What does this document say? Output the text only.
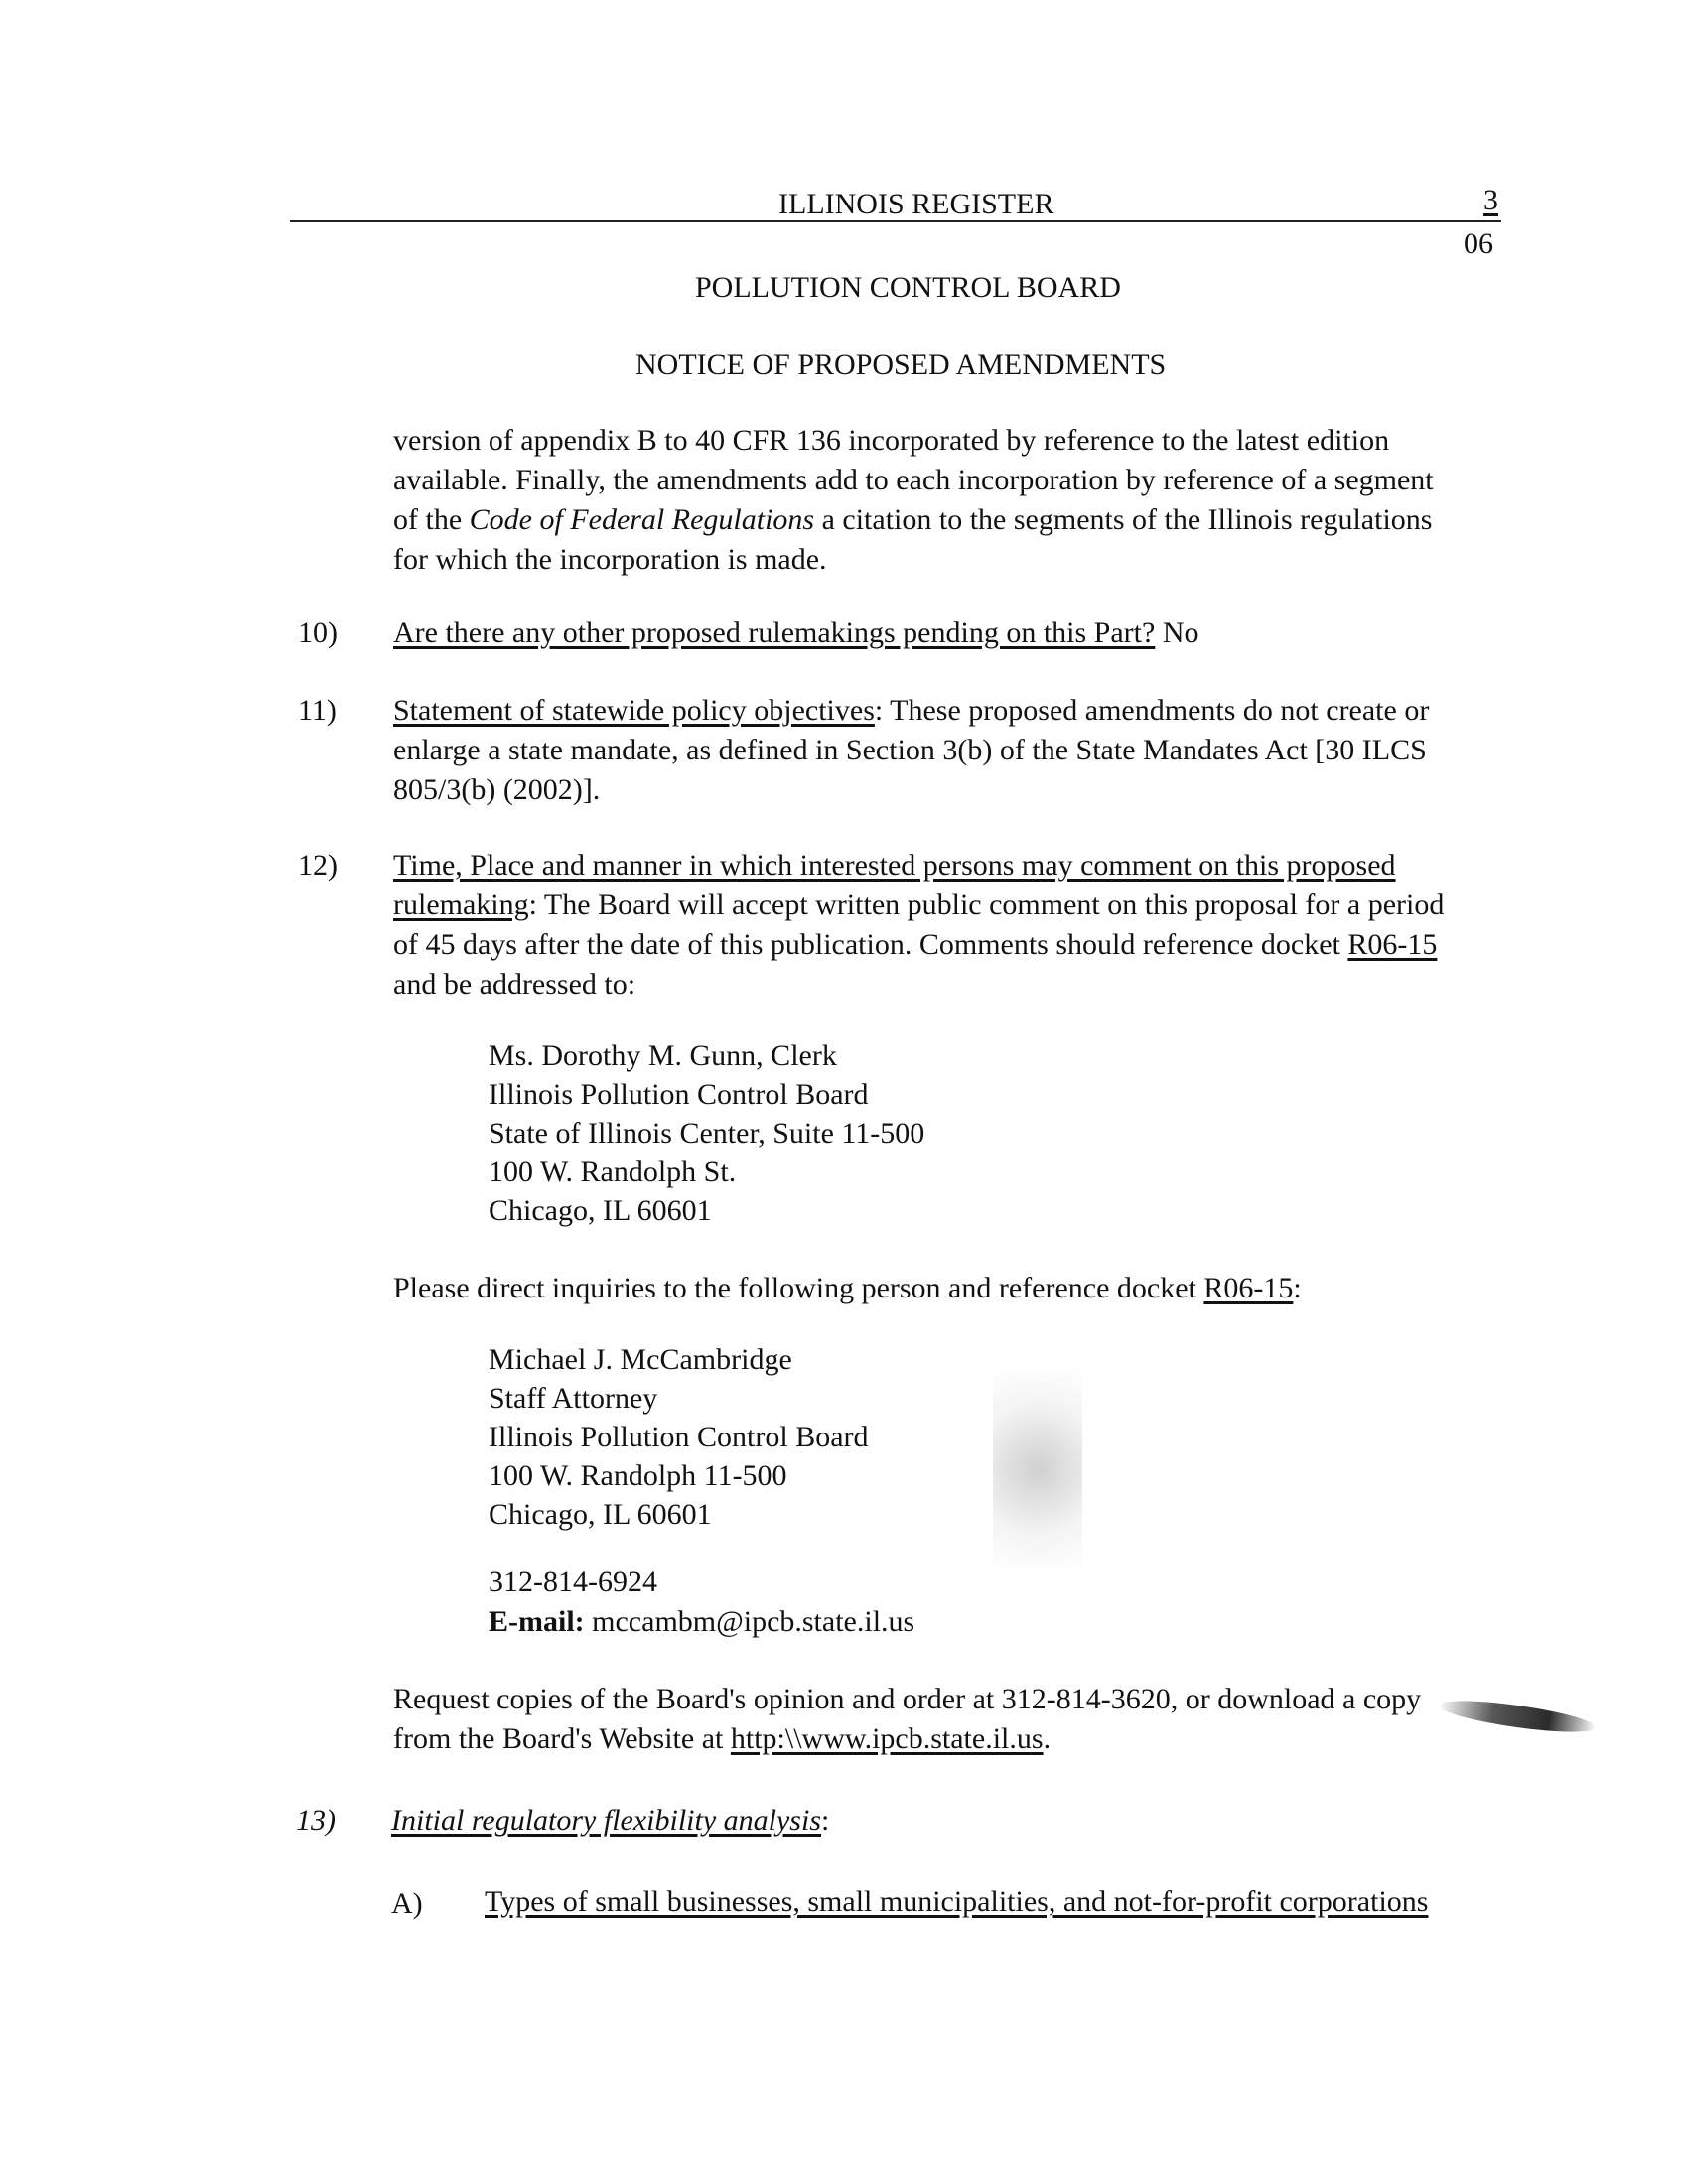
ILLINOIS REGISTER	3
06
POLLUTION CONTROL BOARD
NOTICE OF PROPOSED AMENDMENTS
version of appendix B to 40 CFR 136 incorporated by reference to the latest edition
available. Finally, the amendments add to each incorporation by reference of a segment
of the Code of Federal Regulations a citation to the segments of the Illinois regulations
for which the incorporation is made.
10) Are there any other proposed rulemakings pending on this Part? No
11) Statement of statewide policy objectives: These proposed amendments do not create or
enlarge a state mandate, as defined in Section 3(b) of the State Mandates Act [30 ILCS
805/3(b) (2002)].
12) Time, Place and manner in which interested persons may comment on this proposed
rulemaking: The Board will accept written public comment on this proposal for a period
of 45 days after the date of this publication. Comments should reference docket R06-15
and be addressed to:
Ms. Dorothy M. Gunn, Clerk
Illinois Pollution Control Board
State of Illinois Center, Suite 11-500
100 W. Randolph St.
Chicago, IL 60601
Please direct inquiries to the following person and reference docket R06-15:
Michael J. McCambridge
Staff Attorney
Illinois Pollution Control Board
100 W. Randolph 11-500
Chicago, IL 60601
312-814-6924
E-mail: mccambm@ipcb.state.il.us
Request copies of the Board's opinion and order at 312-814-3620, or download a copy
from the Board's Website at http:\\www.ipcb.state.il.us.
13) Initial regulatory flexibility analysis:
A) Types of small businesses, small municipalities, and not-for-profit corporations
